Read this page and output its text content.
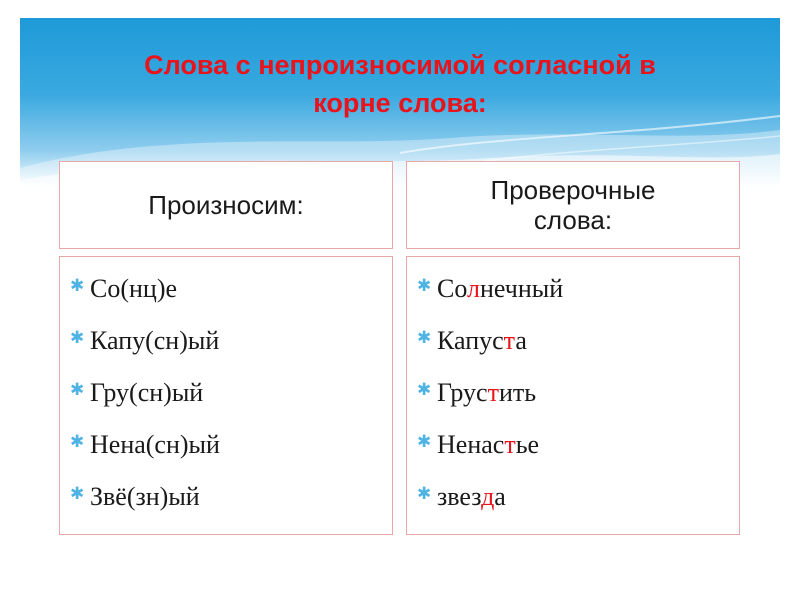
Слова с непроизносимой согласной в
корне слова:
Произносим:	Проверочные
слова:
✱ Со(нц)е
✱ Капу(сн)ый
✱ Гру(сн)ый
✱ Нена(сн)ый
✱ Звё(зн)ый
✱ Солнечный
✱ Капуста
✱ Грустить
✱ Ненастье
✱ звезда
